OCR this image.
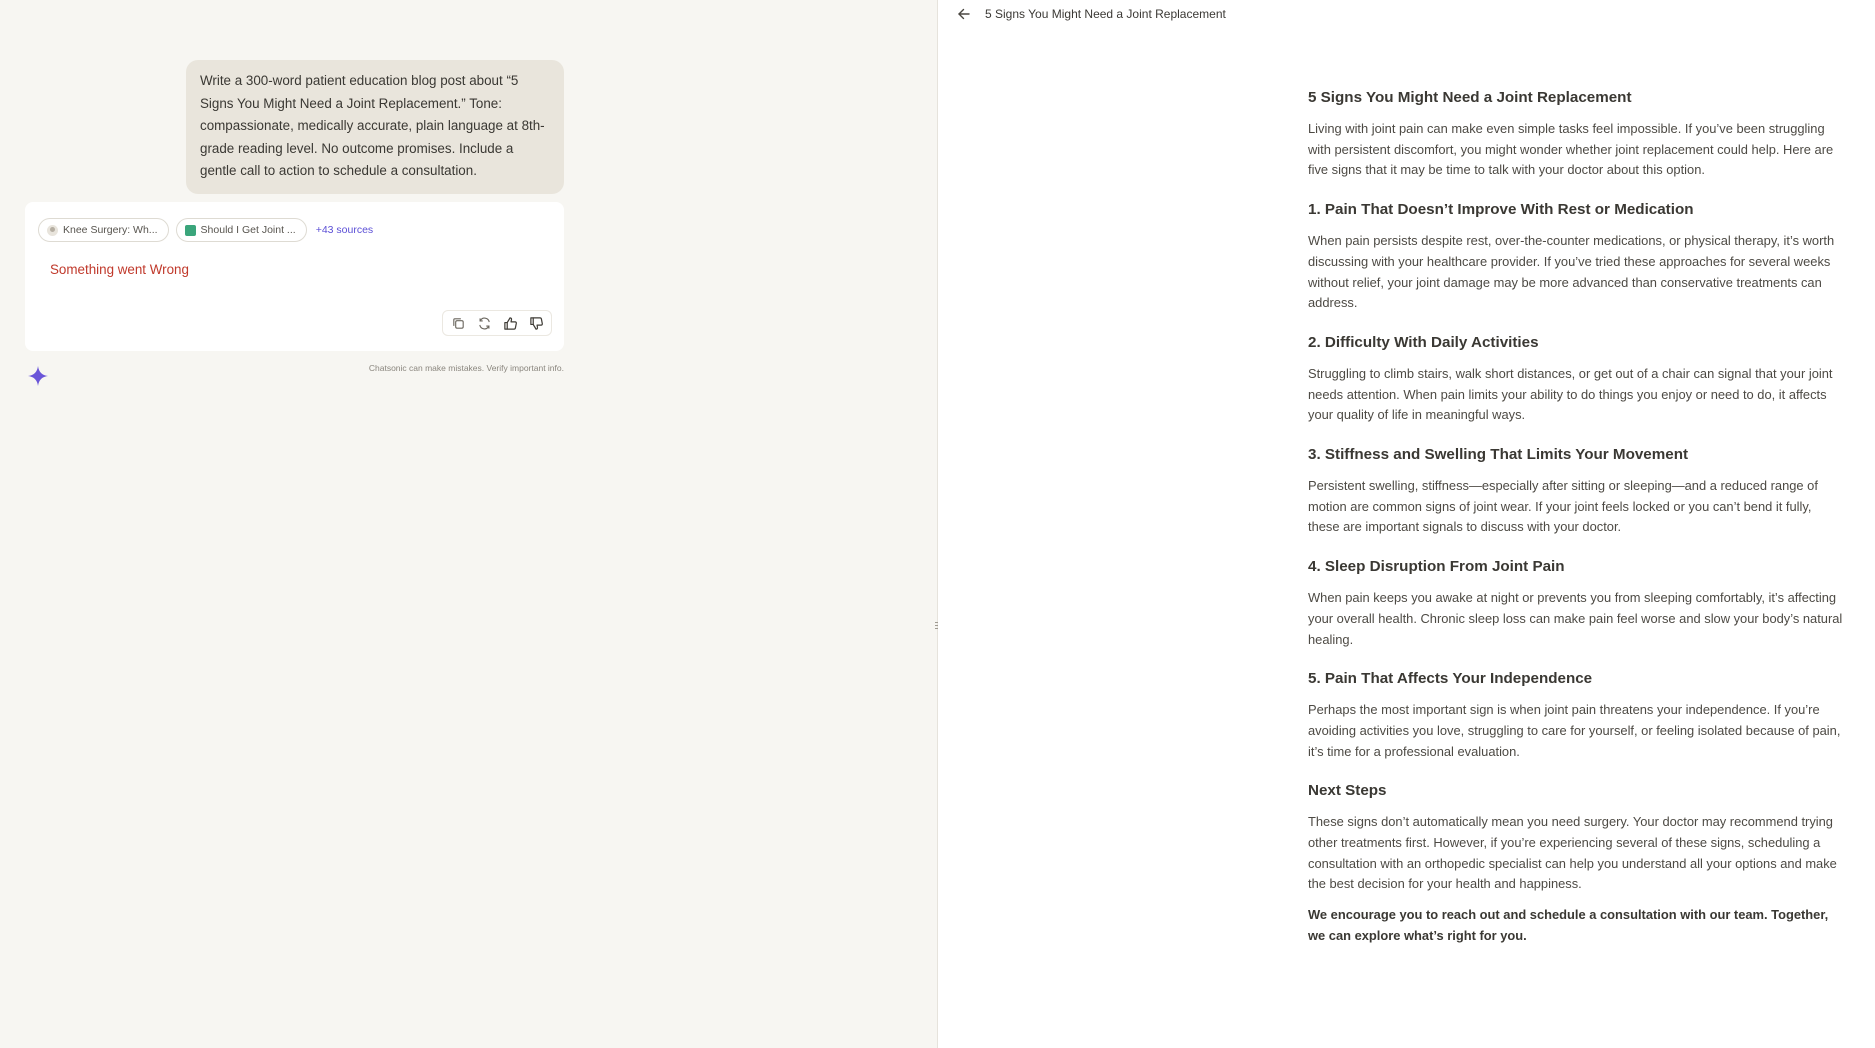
Write a 300-word patient education blog post about “5 Signs You Might Need a Joint Replacement.” Tone: compassionate, medically accurate, plain language at 8th-grade reading level. No outcome promises. Include a gentle call to action to schedule a consultation.
Knee Surgery: Wh...	Should I Get Joint ... +43 sources
Something went Wrong
Chatsonic can make mistakes. Verify important info.
5 Signs You Might Need a Joint Replacement
5 Signs You Might Need a Joint Replacement

Living with joint pain can make even simple tasks feel impossible. If you’ve been struggling with persistent discomfort, you might wonder whether joint replacement could help. Here are five signs that it may be time to talk with your doctor about this option.

1. Pain That Doesn’t Improve With Rest or Medication

When pain persists despite rest, over-the-counter medications, or physical therapy, it’s worth discussing with your healthcare provider. If you’ve tried these approaches for several weeks without relief, your joint damage may be more advanced than conservative treatments can address.

2. Difficulty With Daily Activities

Struggling to climb stairs, walk short distances, or get out of a chair can signal that your joint needs attention. When pain limits your ability to do things you enjoy or need to do, it affects your quality of life in meaningful ways.

3. Stiffness and Swelling That Limits Your Movement

Persistent swelling, stiffness—especially after sitting or sleeping—and a reduced range of motion are common signs of joint wear. If your joint feels locked or you can’t bend it fully, these are important signals to discuss with your doctor.

4. Sleep Disruption From Joint Pain

When pain keeps you awake at night or prevents you from sleeping comfortably, it’s affecting your overall health. Chronic sleep loss can make pain feel worse and slow your body’s natural healing.

5. Pain That Affects Your Independence

Perhaps the most important sign is when joint pain threatens your independence. If you’re avoiding activities you love, struggling to care for yourself, or feeling isolated because of pain, it’s time for a professional evaluation.

Next Steps

These signs don’t automatically mean you need surgery. Your doctor may recommend trying other treatments first. However, if you’re experiencing several of these signs, scheduling a consultation with an orthopedic specialist can help you understand all your options and make the best decision for your health and happiness.

We encourage you to reach out and schedule a consultation with our team. Together, we can explore what’s right for you.
